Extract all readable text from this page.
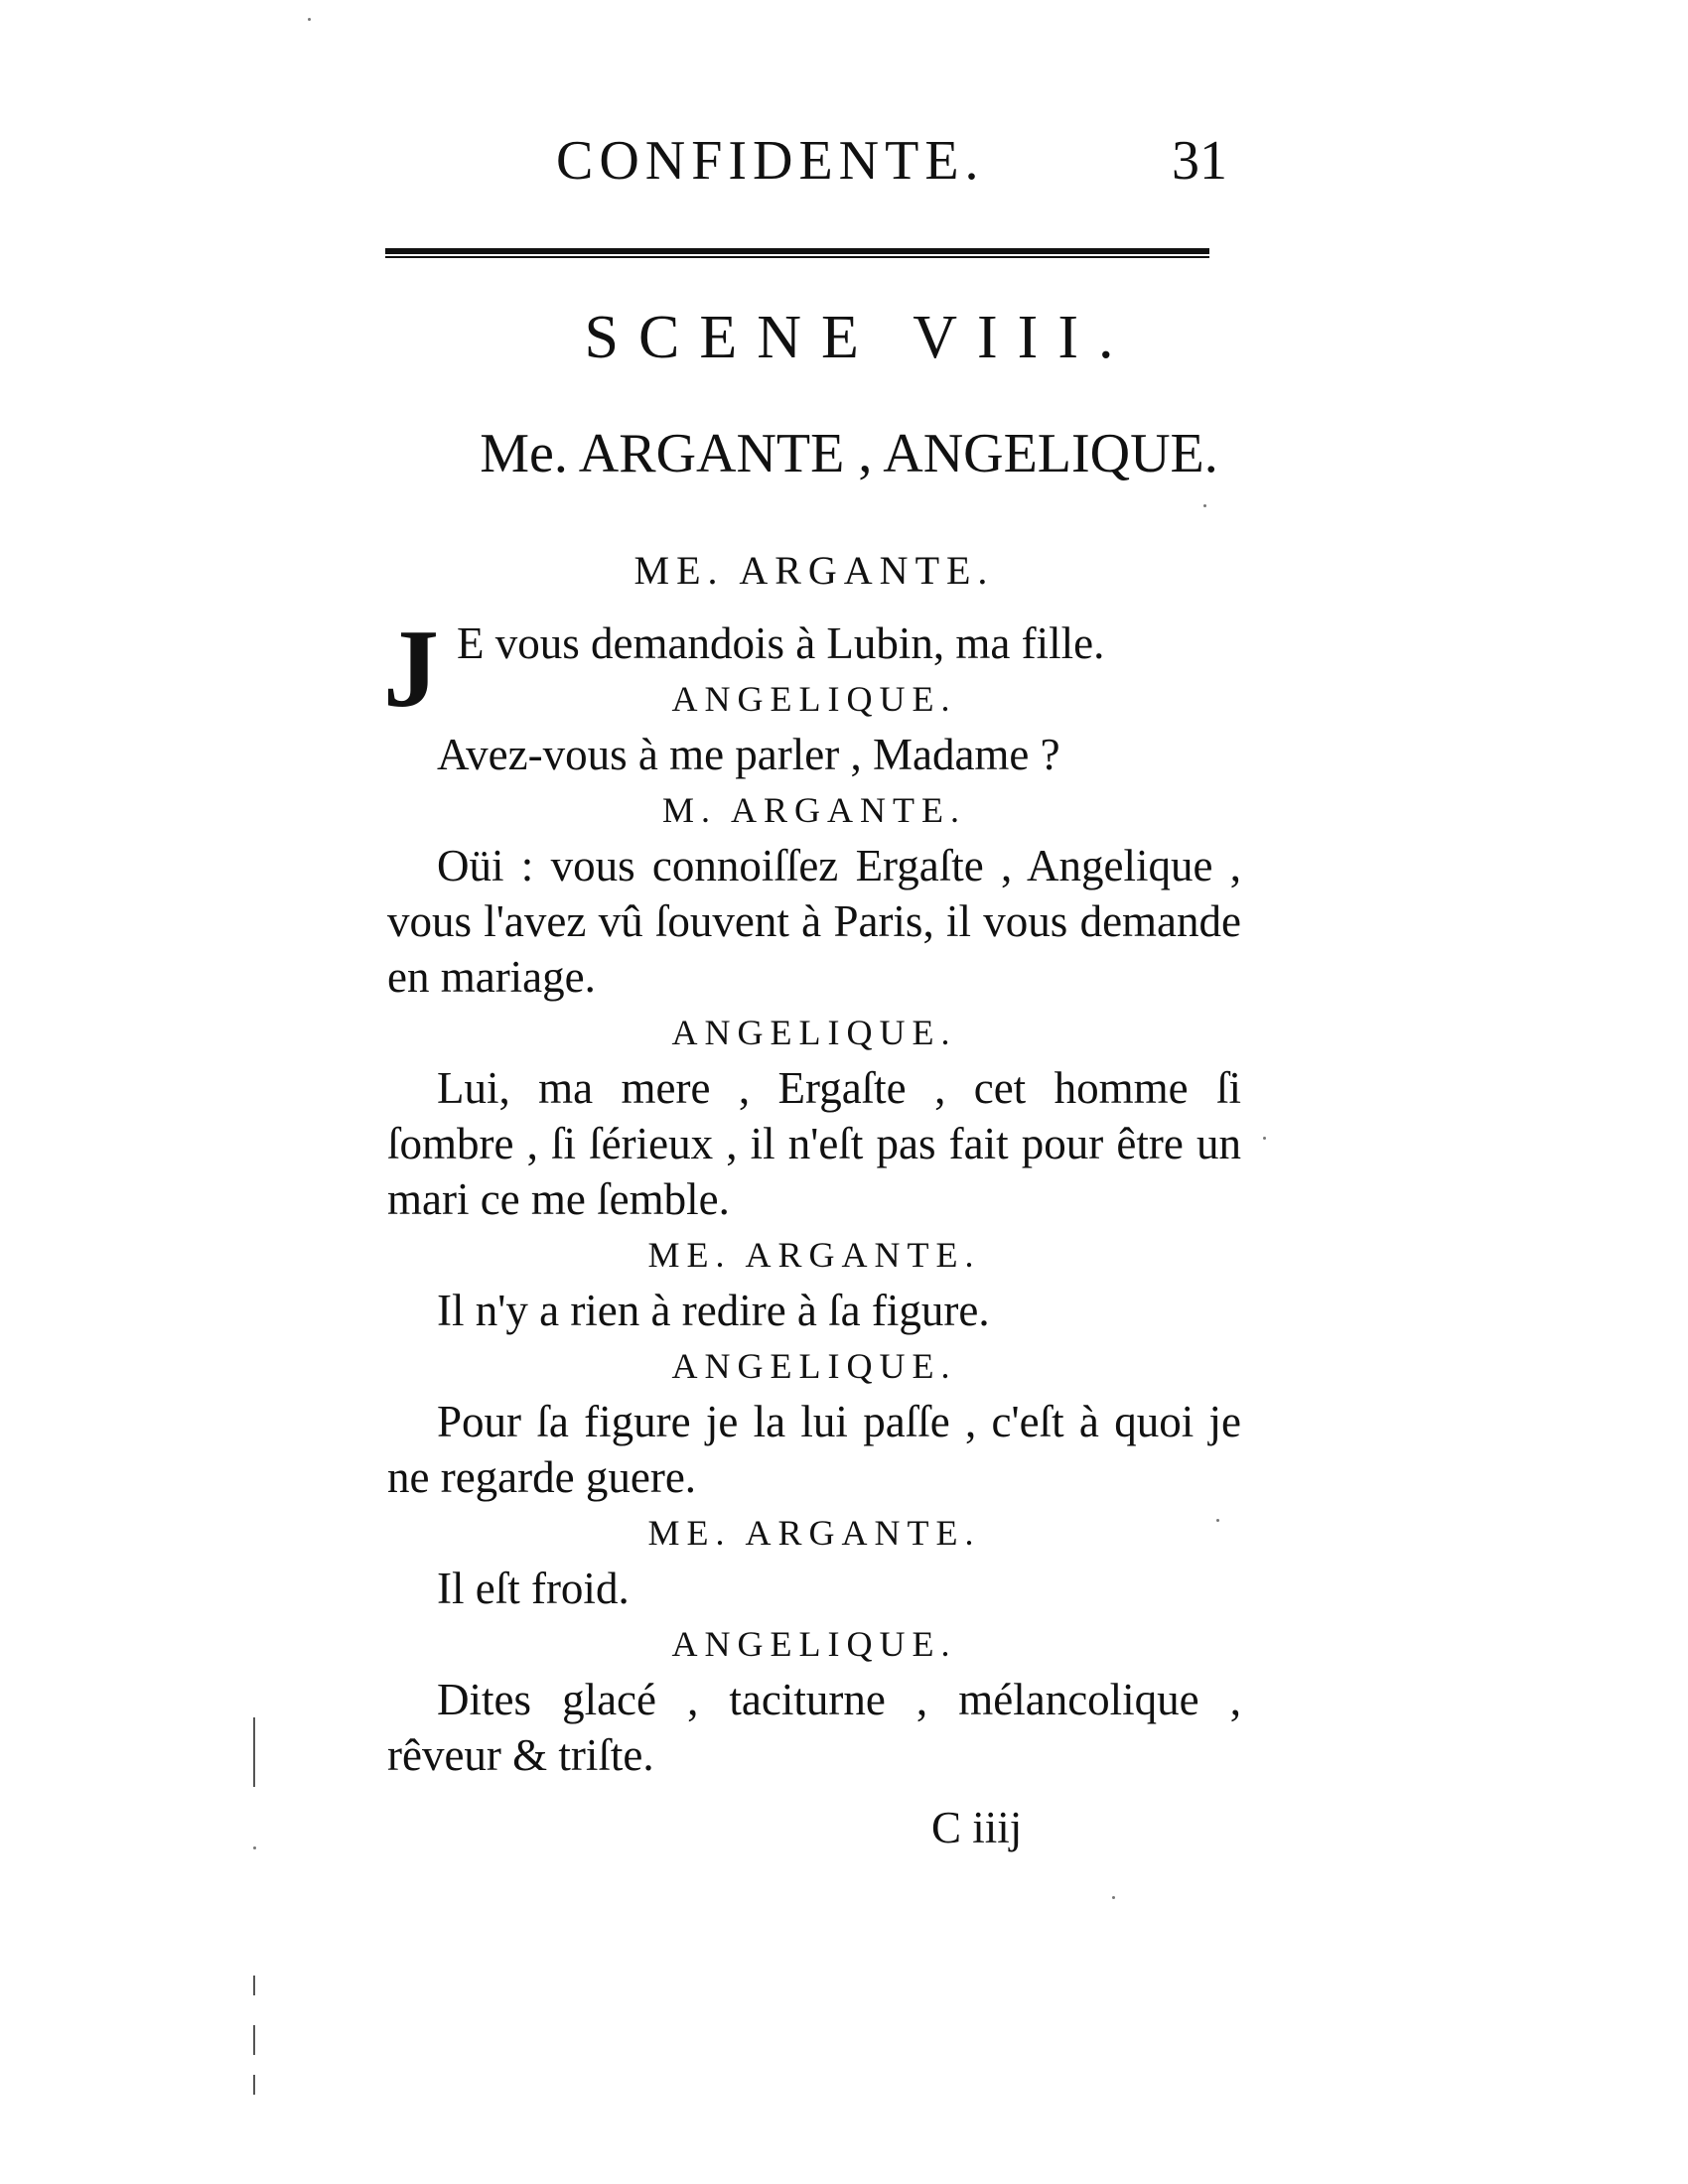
CONFIDENTE.	31
SCENE VIII.
Me. ARGANTE , ANGELIQUE.
ME. ARGANTE.
J E vous demandois à Lubin, ma fille.
ANGELIQUE.
Avez-vous à me parler , Madame ?
M. ARGANTE.
Oüi : vous connoiſſez Ergaſte , Angelique , vous l'avez vû ſouvent à Paris, il vous demande en mariage.
ANGELIQUE.
Lui, ma mere , Ergaſte , cet homme ſi ſombre , ſi ſérieux , il n'eſt pas fait pour être un mari ce me ſemble.
ME. ARGANTE.
Il n'y a rien à redire à ſa figure.
ANGELIQUE.
Pour ſa figure je la lui paſſe , c'eſt à quoi je ne regarde guere.
ME. ARGANTE.
Il eſt froid.
ANGELIQUE.
Dites glacé , taciturne , mélancolique , rêveur & triſte.
C iiij
